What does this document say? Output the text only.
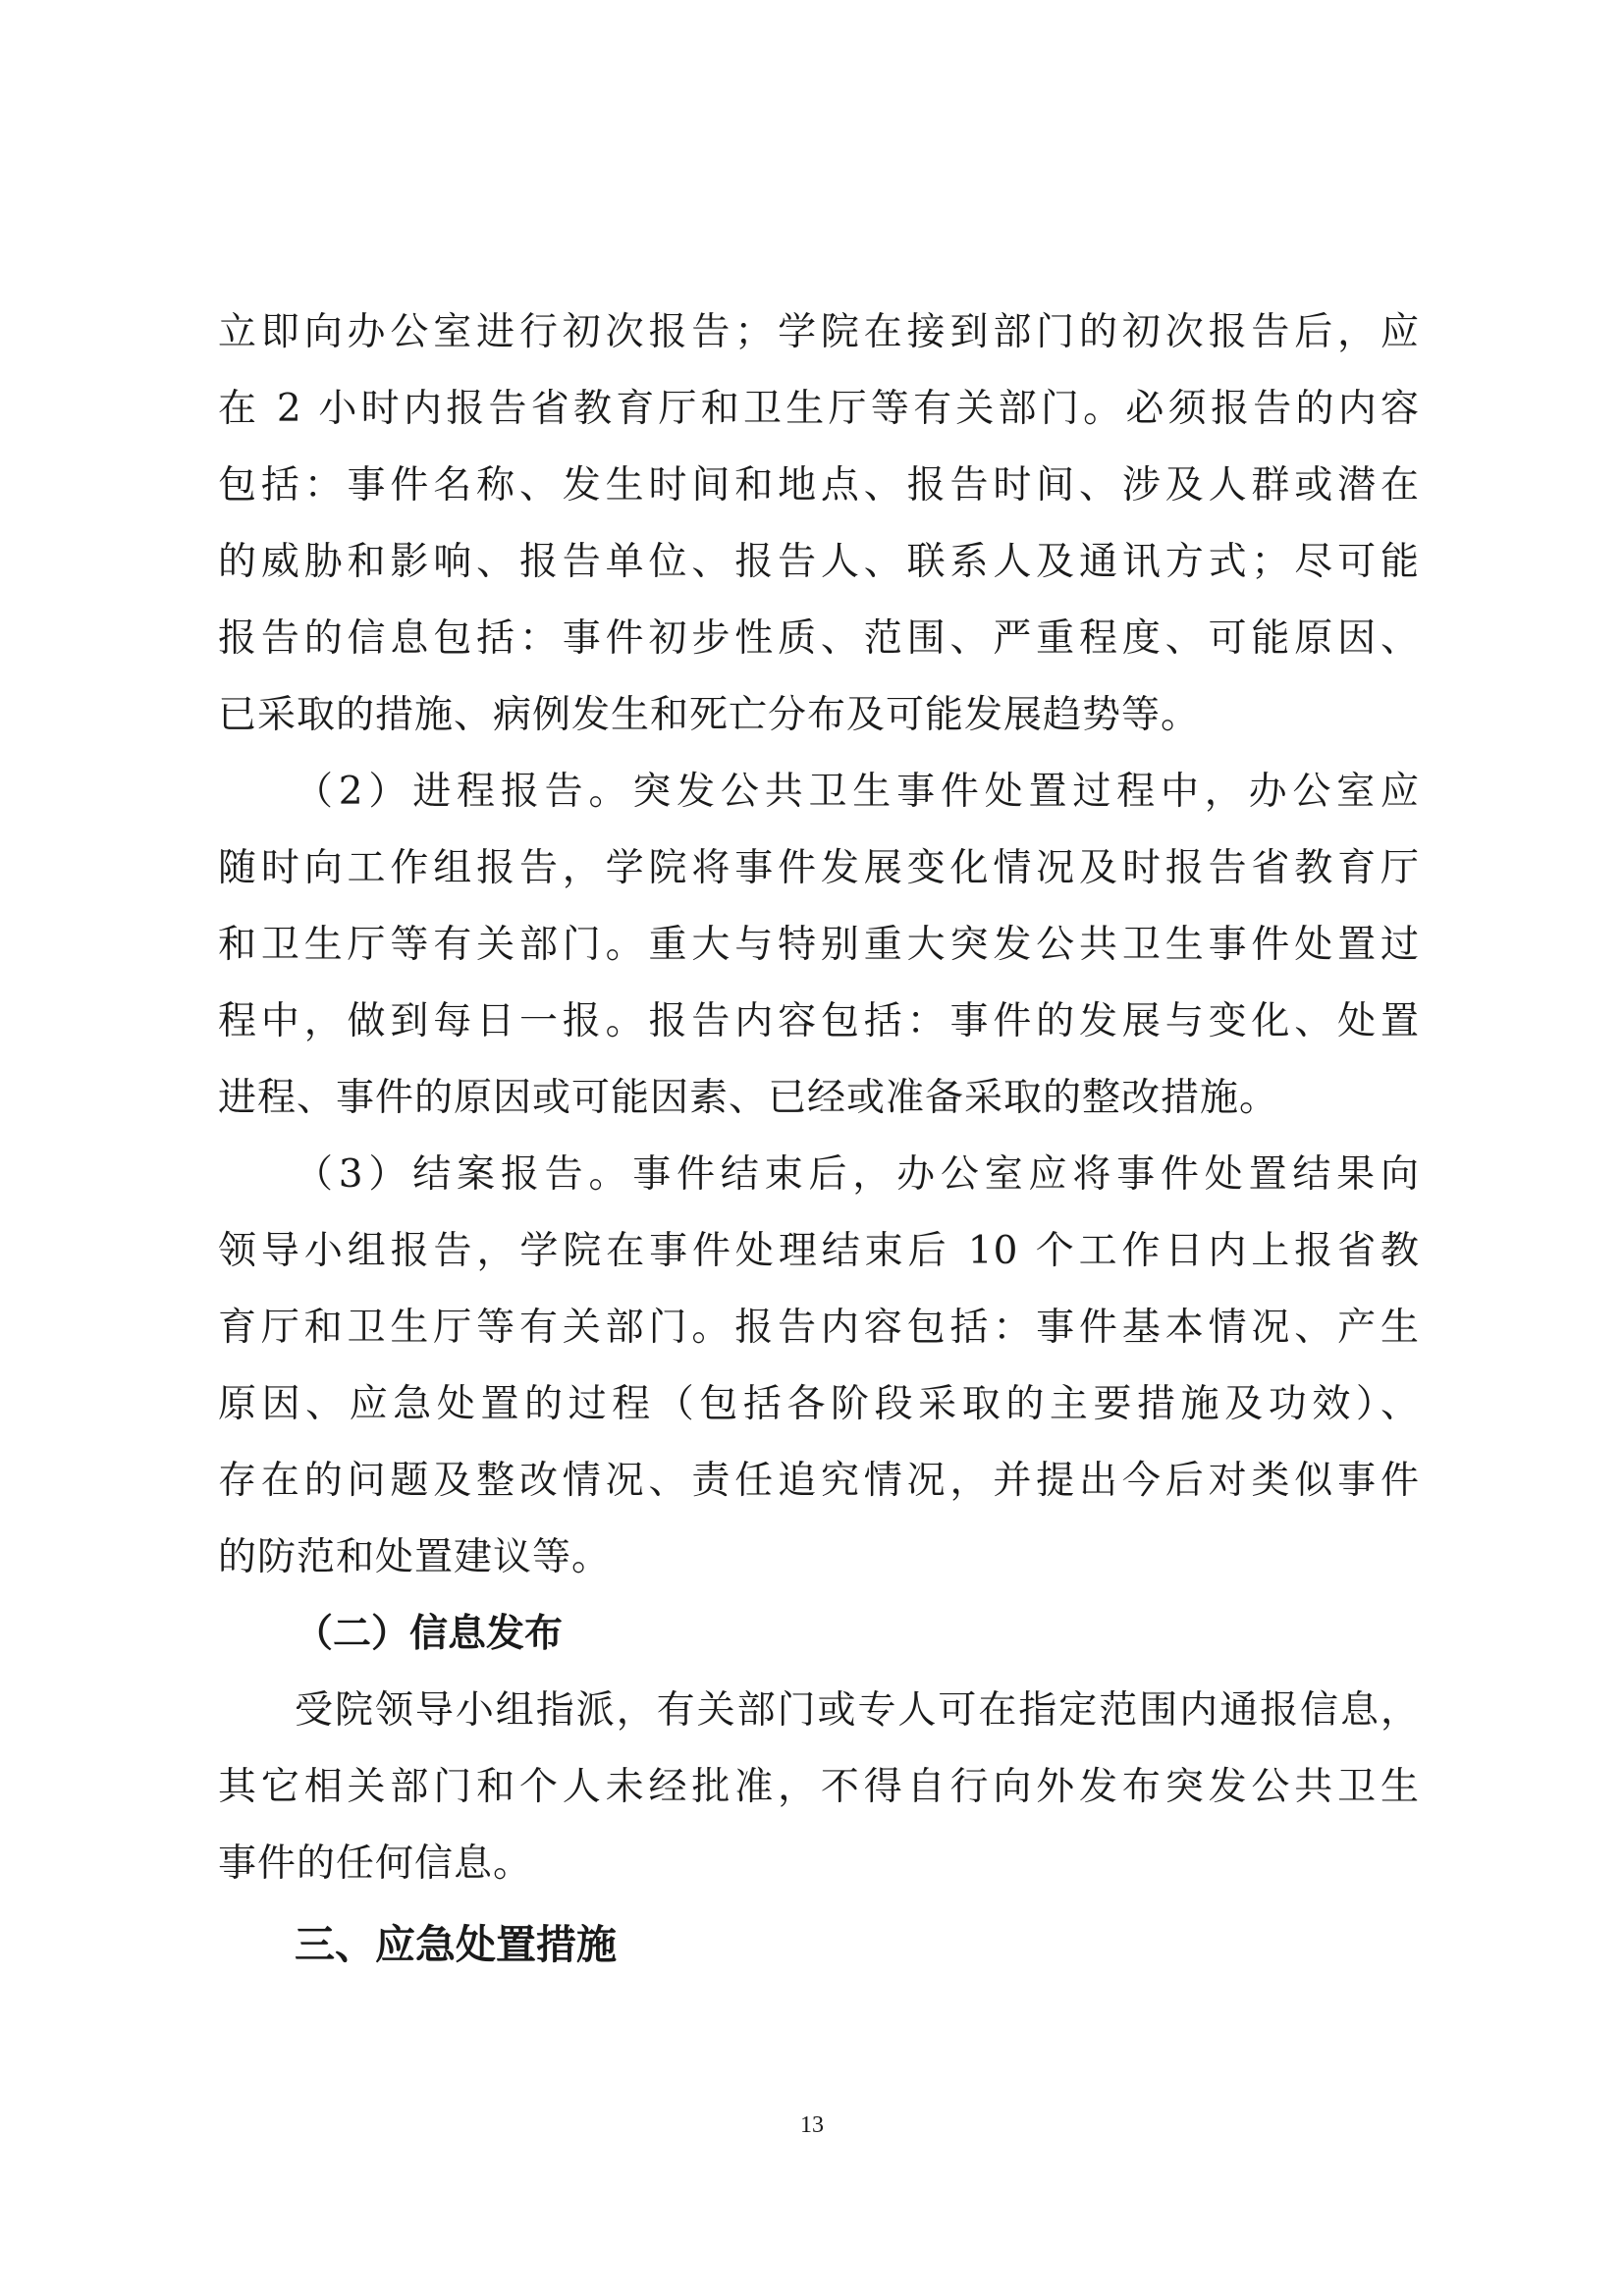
立即向办公室进行初次报告；学院在接到部门的初次报告后，应
在 2 小时内报告省教育厅和卫生厅等有关部门。必须报告的内容
包括：事件名称、发生时间和地点、报告时间、涉及人群或潜在
的威胁和影响、报告单位、报告人、联系人及通讯方式；尽可能
报告的信息包括：事件初步性质、范围、严重程度、可能原因、
已采取的措施、病例发生和死亡分布及可能发展趋势等。
（2）进程报告。突发公共卫生事件处置过程中，办公室应
随时向工作组报告，学院将事件发展变化情况及时报告省教育厅
和卫生厅等有关部门。重大与特别重大突发公共卫生事件处置过
程中，做到每日一报。报告内容包括：事件的发展与变化、处置
进程、事件的原因或可能因素、已经或准备采取的整改措施。
（3）结案报告。事件结束后，办公室应将事件处置结果向
领导小组报告，学院在事件处理结束后 10 个工作日内上报省教
育厅和卫生厅等有关部门。报告内容包括：事件基本情况、产生
原因、应急处置的过程（包括各阶段采取的主要措施及功效）、
存在的问题及整改情况、责任追究情况，并提出今后对类似事件
的防范和处置建议等。
（二）信息发布
受院领导小组指派，有关部门或专人可在指定范围内通报信息，
其它相关部门和个人未经批准，不得自行向外发布突发公共卫生
事件的任何信息。
三、应急处置措施
13
